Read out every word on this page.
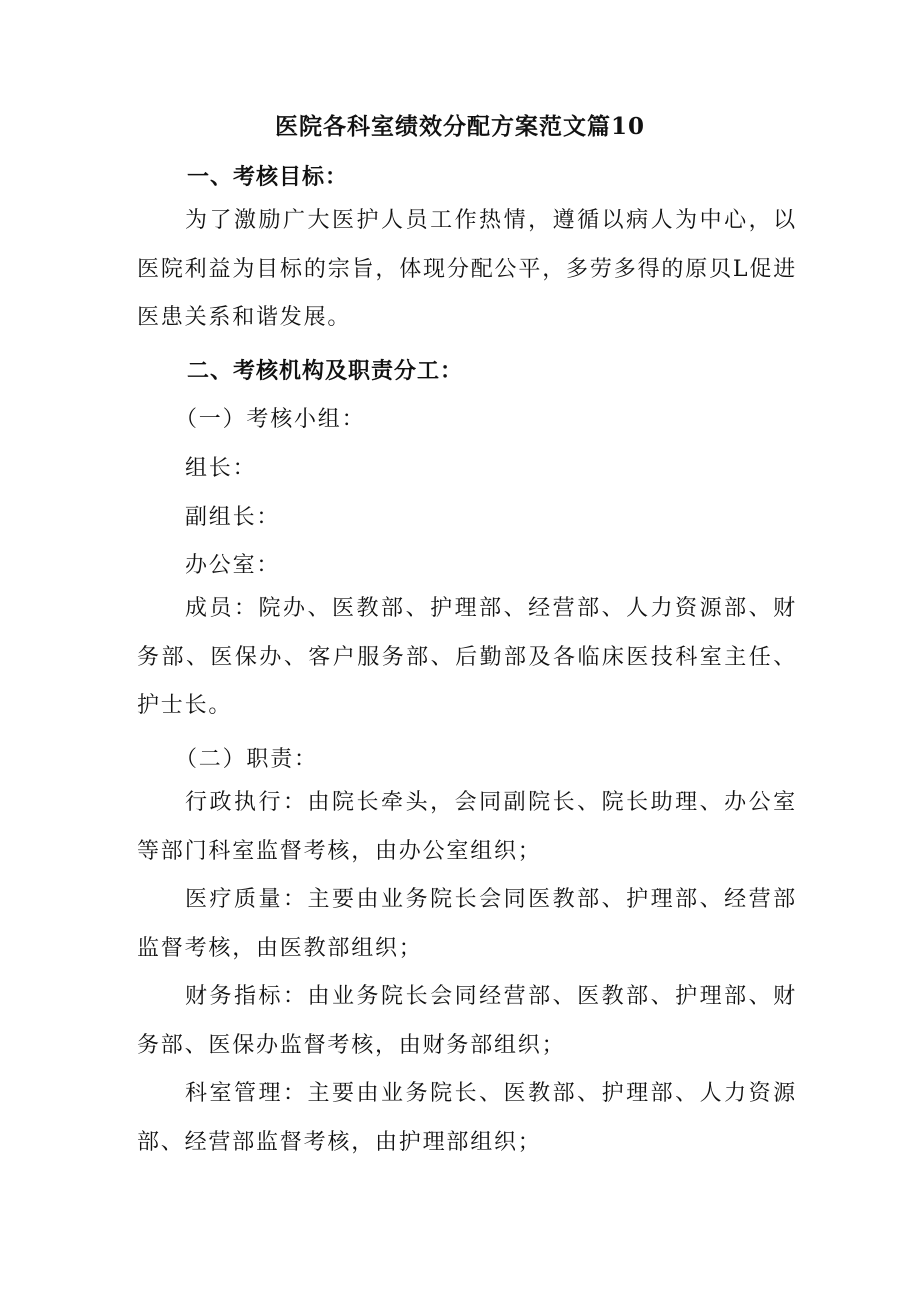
医院各科室绩效分配方案范文篇10
一、考核目标：

为了激励广大医护人员工作热情，遵循以病人为中心，以医院利益为目标的宗旨，体现分配公平，多劳多得的原贝L促进医患关系和谐发展。

二、考核机构及职责分工：
（一）考核小组：
组长：
副组长：
办公室：

成员：院办、医教部、护理部、经营部、人力资源部、财务部、医保办、客户服务部、后勤部及各临床医技科室主任、护士长。

（二）职责：

行政执行：由院长牵头，会同副院长、院长助理、办公室等部门科室监督考核，由办公室组织；

医疗质量：主要由业务院长会同医教部、护理部、经营部监督考核，由医教部组织；

财务指标：由业务院长会同经营部、医教部、护理部、财务部、医保办监督考核，由财务部组织；

科室管理：主要由业务院长、医教部、护理部、人力资源部、经营部监督考核，由护理部组织；
